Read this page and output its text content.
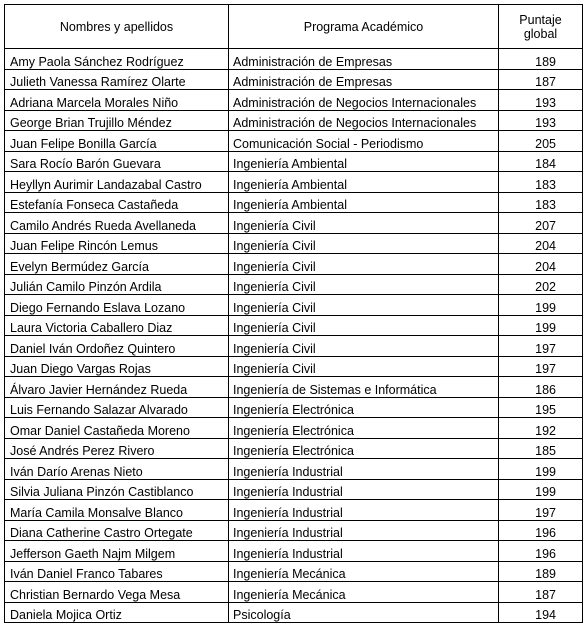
Nombres y apellidos	Programa Académico	Puntaje global
Amy Paola Sánchez Rodríguez	Administración de Empresas	189
Julieth Vanessa Ramírez Olarte	Administración de Empresas	187
Adriana Marcela Morales Niño	Administración de Negocios Internacionales	193
George Brian Trujillo Méndez	Administración de Negocios Internacionales	193
Juan Felipe Bonilla García	Comunicación Social - Periodismo	205
Sara Rocío Barón Guevara	Ingeniería Ambiental	184
Heyllyn Aurimir Landazabal Castro	Ingeniería Ambiental	183
Estefanía Fonseca Castañeda	Ingeniería Ambiental	183
Camilo Andrés Rueda Avellaneda	Ingeniería Civil	207
Juan Felipe Rincón Lemus	Ingeniería Civil	204
Evelyn Bermúdez García	Ingeniería Civil	204
Julián Camilo Pinzón Ardila	Ingeniería Civil	202
Diego Fernando Eslava Lozano	Ingeniería Civil	199
Laura Victoria Caballero Diaz	Ingeniería Civil	199
Daniel Iván Ordoñez Quintero	Ingeniería Civil	197
Juan Diego Vargas Rojas	Ingeniería Civil	197
Álvaro Javier Hernández Rueda	Ingeniería de Sistemas e Informática	186
Luis Fernando Salazar Alvarado	Ingeniería Electrónica	195
Omar Daniel Castañeda Moreno	Ingeniería Electrónica	192
José Andrés Perez Rivero	Ingeniería Electrónica	185
Iván Darío Arenas Nieto	Ingeniería Industrial	199
Silvia Juliana Pinzón Castiblanco	Ingeniería Industrial	199
María Camila Monsalve Blanco	Ingeniería Industrial	197
Diana Catherine Castro Ortegate	Ingeniería Industrial	196
Jefferson Gaeth Najm Milgem	Ingeniería Industrial	196
Iván Daniel Franco Tabares	Ingeniería Mecánica	189
Christian Bernardo Vega Mesa	Ingeniería Mecánica	187
Daniela Mojica Ortiz	Psicología	194
